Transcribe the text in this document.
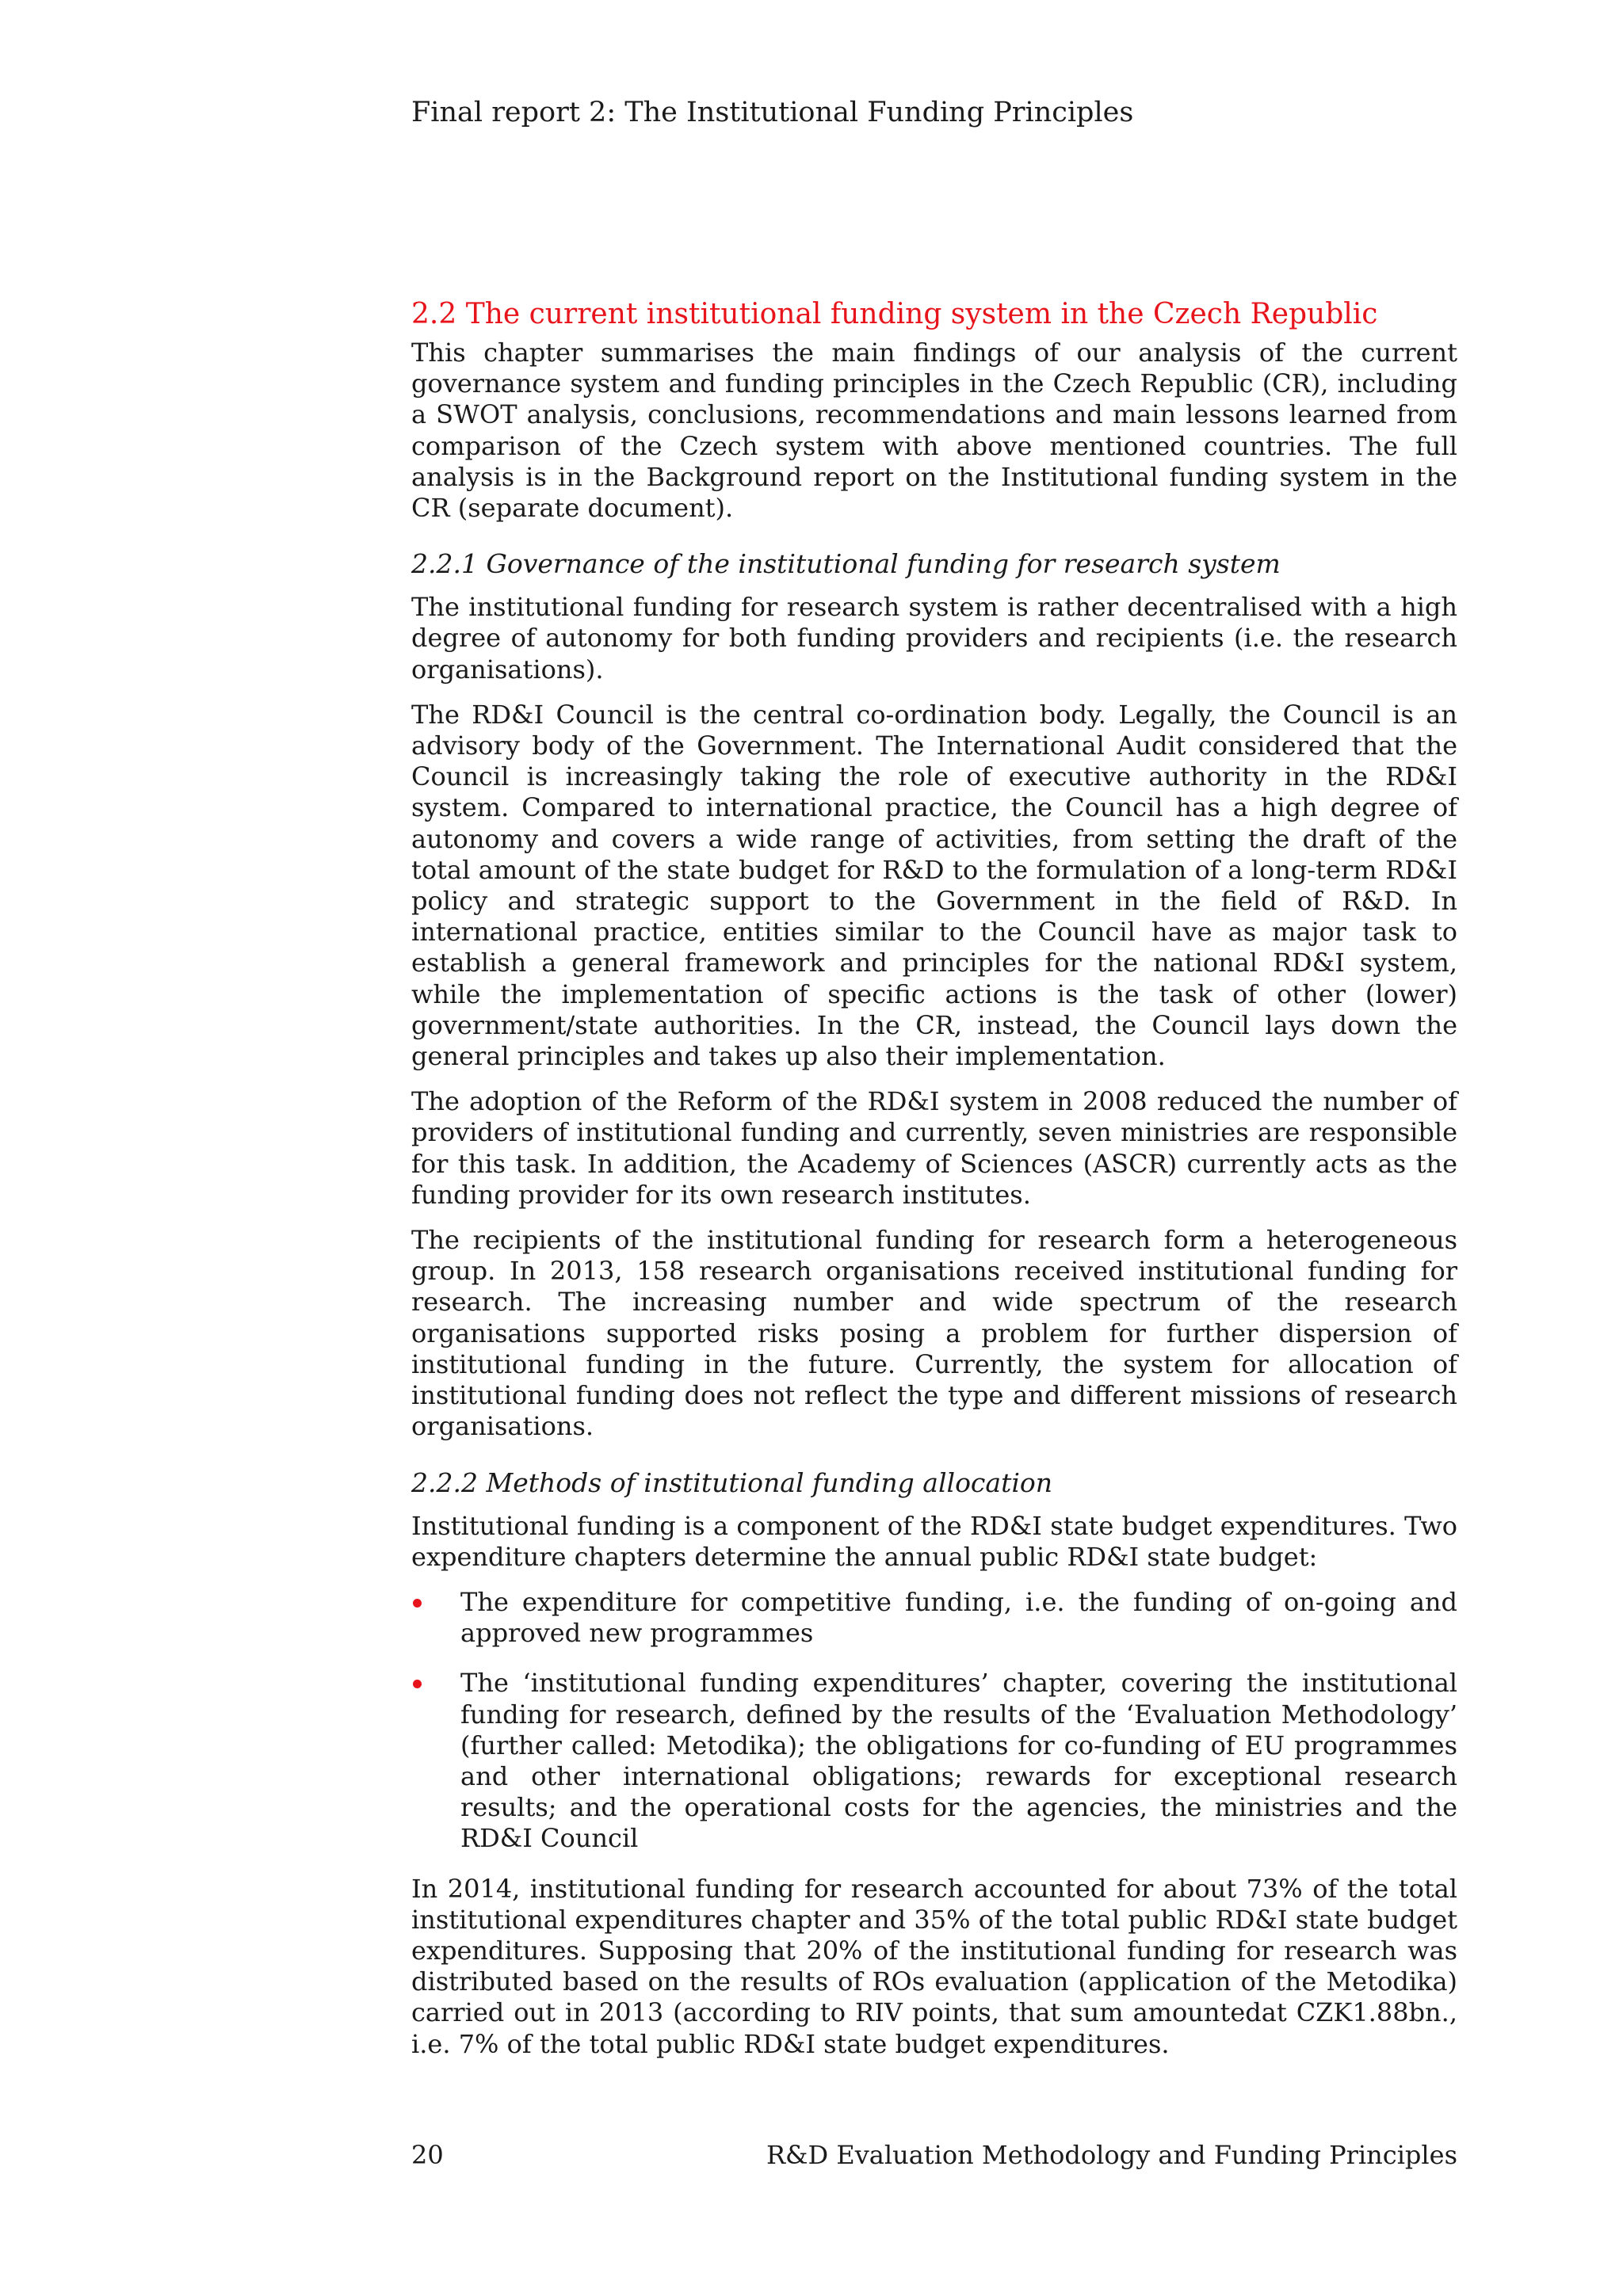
Final report 2: The Institutional Funding Principles

2.2 The current institutional funding system in the Czech Republic

This chapter summarises the main findings of our analysis of the current governance system and funding principles in the Czech Republic (CR), including a SWOT analysis, conclusions, recommendations and main lessons learned from comparison of the Czech system with above mentioned countries. The full analysis is in the Background report on the Institutional funding system in the CR (separate document).

2.2.1 Governance of the institutional funding for research system

The institutional funding for research system is rather decentralised with a high degree of autonomy for both funding providers and recipients (i.e. the research organisations).

The RD&I Council is the central co-ordination body. Legally, the Council is an advisory body of the Government. The International Audit considered that the Council is increasingly taking the role of executive authority in the RD&I system. Compared to international practice, the Council has a high degree of autonomy and covers a wide range of activities, from setting the draft of the total amount of the state budget for R&D to the formulation of a long-term RD&I policy and strategic support to the Government in the field of R&D. In international practice, entities similar to the Council have as major task to establish a general framework and principles for the national RD&I system, while the implementation of specific actions is the task of other (lower) government/state authorities. In the CR, instead, the Council lays down the general principles and takes up also their implementation.

The adoption of the Reform of the RD&I system in 2008 reduced the number of providers of institutional funding and currently, seven ministries are responsible for this task. In addition, the Academy of Sciences (ASCR) currently acts as the funding provider for its own research institutes.

The recipients of the institutional funding for research form a heterogeneous group. In 2013, 158 research organisations received institutional funding for research. The increasing number and wide spectrum of the research organisations supported risks posing a problem for further dispersion of institutional funding in the future. Currently, the system for allocation of institutional funding does not reflect the type and different missions of research organisations.

2.2.2 Methods of institutional funding allocation

Institutional funding is a component of the RD&I state budget expenditures. Two expenditure chapters determine the annual public RD&I state budget:

The expenditure for competitive funding, i.e. the funding of on-going and approved new programmes
The ‘institutional funding expenditures’ chapter, covering the institutional funding for research, defined by the results of the ‘Evaluation Methodology’ (further called: Metodika); the obligations for co-funding of EU programmes and other international obligations; rewards for exceptional research results; and the operational costs for the agencies, the ministries and the RD&I Council

In 2014, institutional funding for research accounted for about 73% of the total institutional expenditures chapter and 35% of the total public RD&I state budget expenditures. Supposing that 20% of the institutional funding for research was distributed based on the results of ROs evaluation (application of the Metodika) carried out in 2013 (according to RIV points, that sum amountedat CZK1.88bn., i.e. 7% of the total public RD&I state budget expenditures.

20	R&D Evaluation Methodology and Funding Principles
